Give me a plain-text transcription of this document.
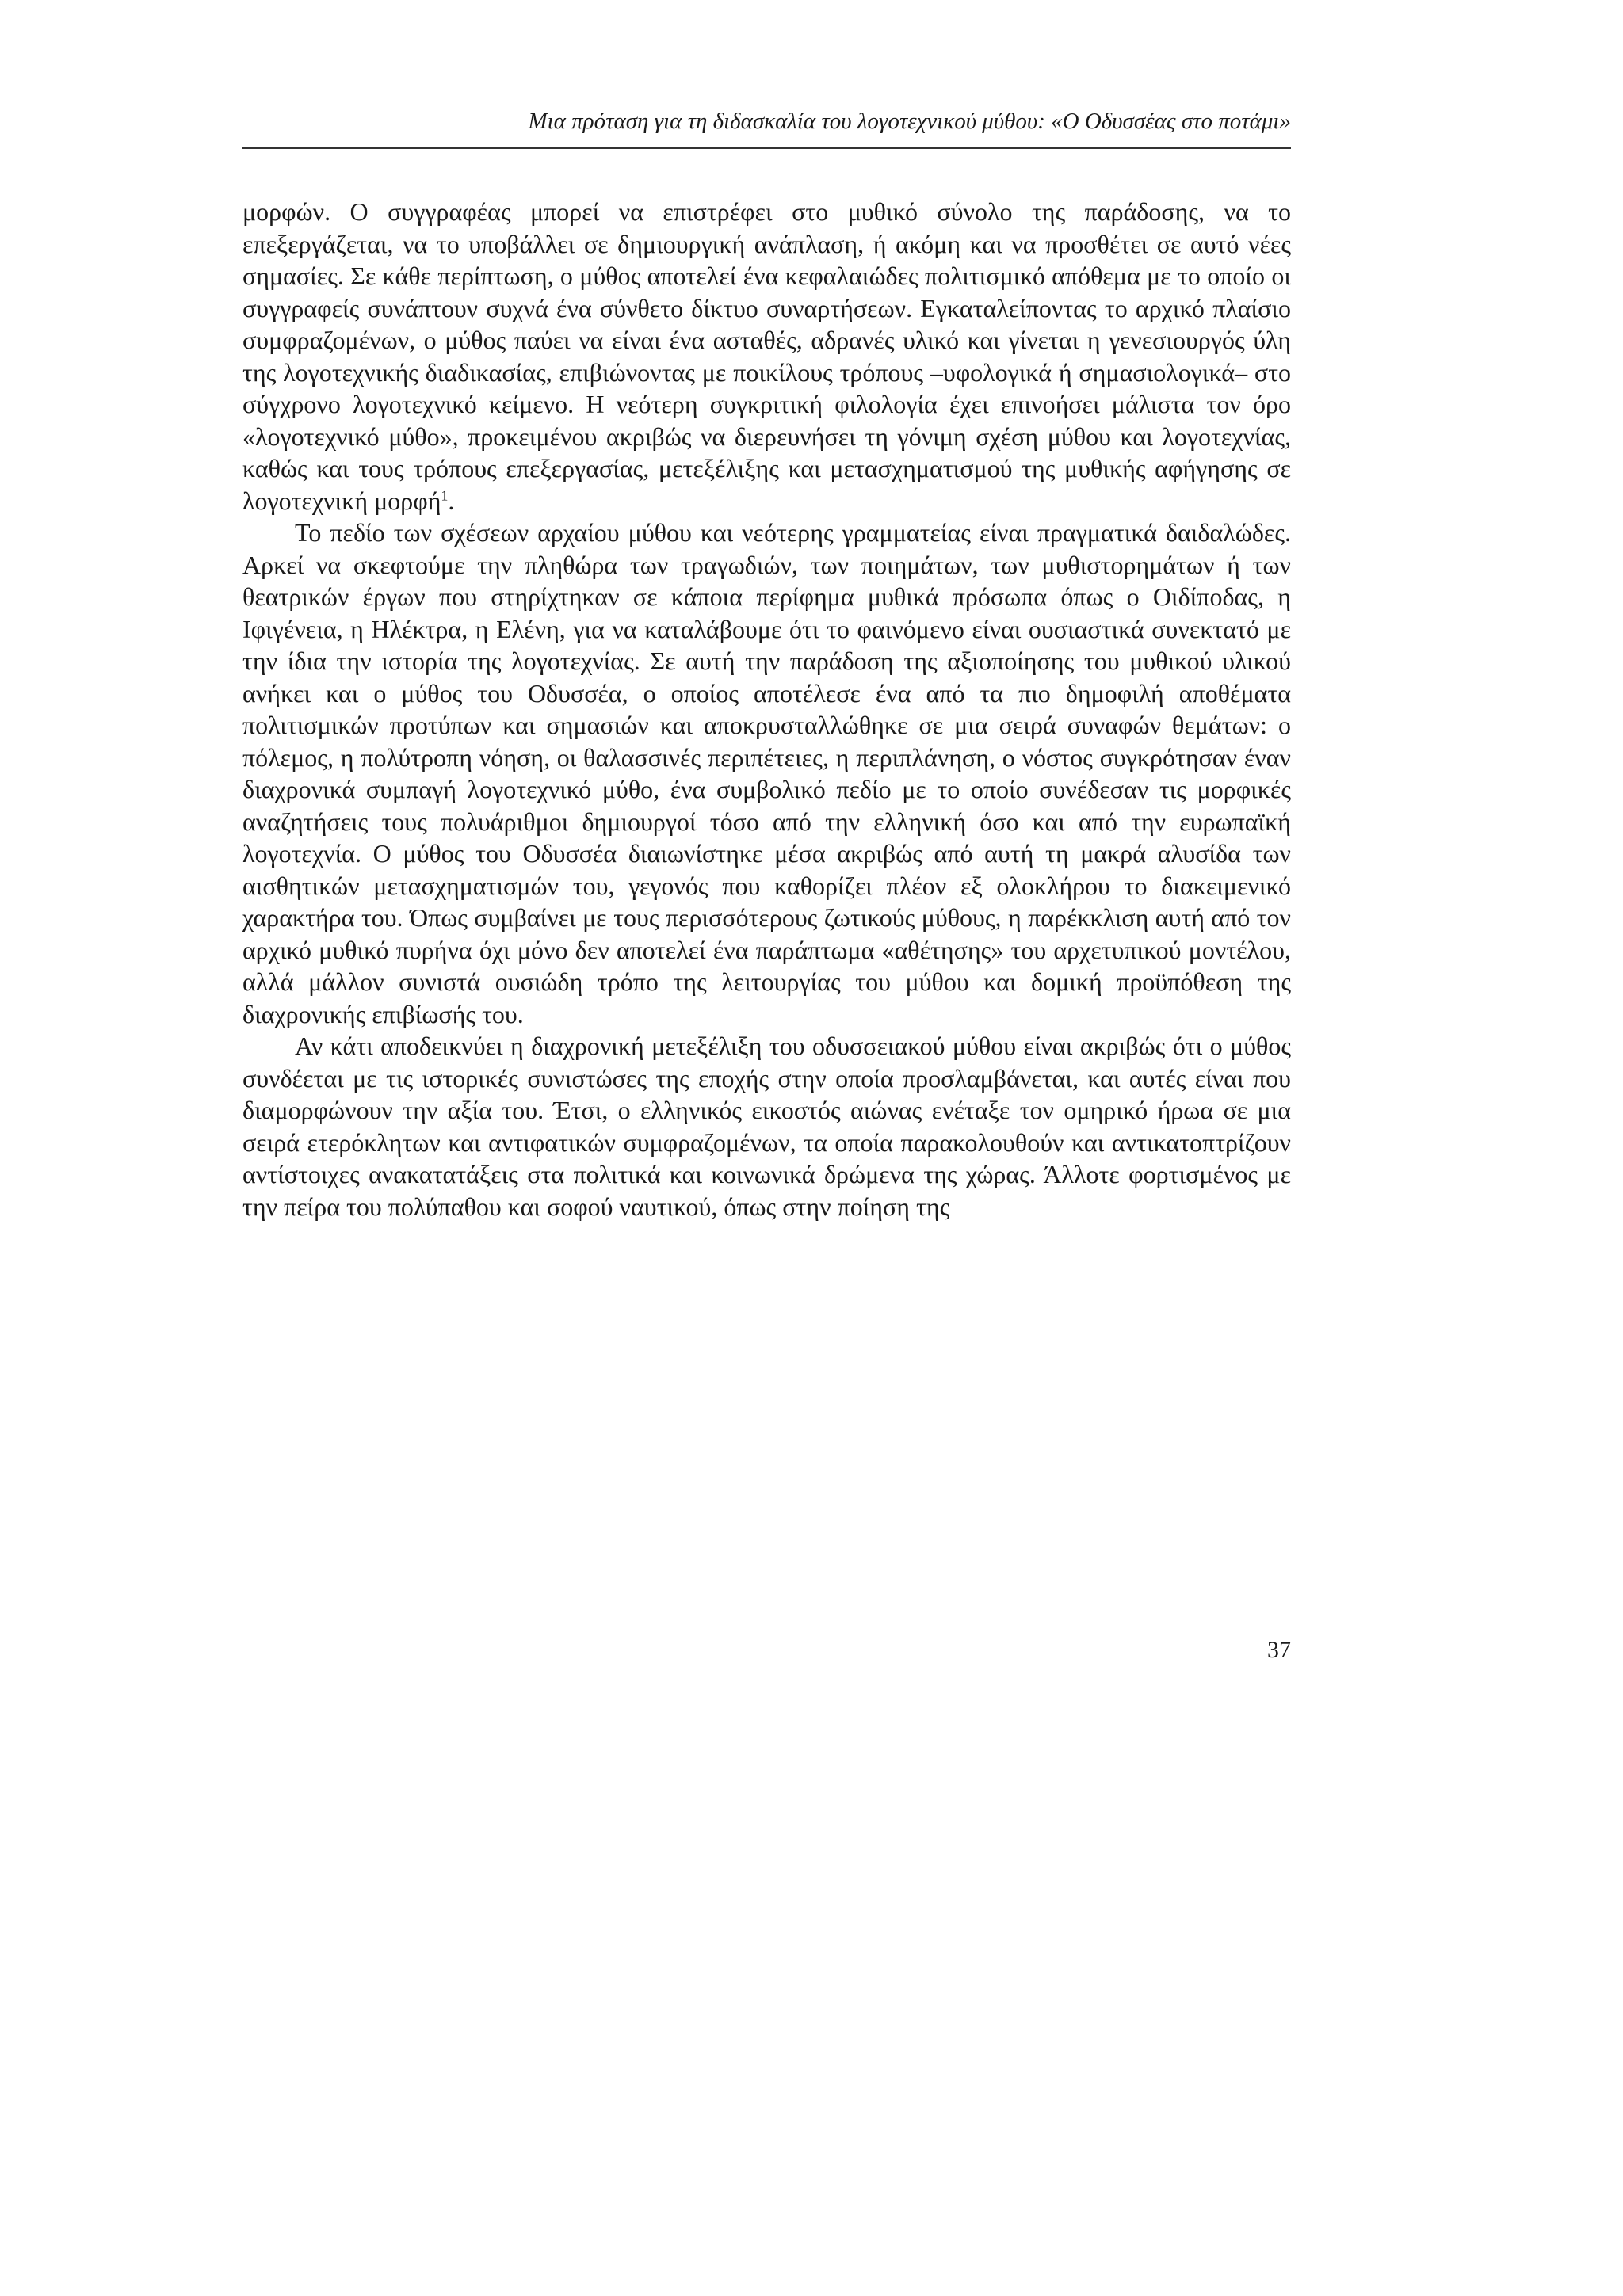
Μια πρόταση για τη διδασκαλία του λογοτεχνικού μύθου: «Ο Οδυσσέας στο ποτάμι»

μορφών. Ο συγγραφέας μπορεί να επιστρέφει στο μυθικό σύνολο της παράδοσης, να το επεξεργάζεται, να το υποβάλλει σε δημιουργική ανάπλαση, ή ακόμη και να προσθέτει σε αυτό νέες σημασίες. Σε κάθε περίπτωση, ο μύθος αποτελεί ένα κεφαλαιώδες πολιτισμικό απόθεμα με το οποίο οι συγγραφείς συνάπτουν συχνά ένα σύνθετο δίκτυο συναρτήσεων. Εγκαταλείποντας το αρχικό πλαίσιο συμφραζομένων, ο μύθος παύει να είναι ένα ασταθές, αδρανές υλικό και γίνεται η γενεσιουργός ύλη της λογοτεχνικής διαδικασίας, επιβιώνοντας με ποικίλους τρόπους –υφολογικά ή σημασιολογικά– στο σύγχρονο λογοτεχνικό κείμενο. Η νεότερη συγκριτική φιλολογία έχει επινοήσει μάλιστα τον όρο «λογοτεχνικό μύθο», προκειμένου ακριβώς να διερευνήσει τη γόνιμη σχέση μύθου και λογοτεχνίας, καθώς και τους τρόπους επεξεργασίας, μετεξέλιξης και μετασχηματισμού της μυθικής αφήγησης σε λογοτεχνική μορφή$^1$.

Το πεδίο των σχέσεων αρχαίου μύθου και νεότερης γραμματείας είναι πραγματικά δαιδαλώδες. Αρκεί να σκεφτούμε την πληθώρα των τραγωδιών, των ποιημάτων, των μυθιστορημάτων ή των θεατρικών έργων που στηρίχτηκαν σε κάποια περίφημα μυθικά πρόσωπα όπως ο Οιδίποδας, η Ιφιγένεια, η Ηλέκτρα, η Ελένη, για να καταλάβουμε ότι το φαινόμενο είναι ουσιαστικά συνεκτατό με την ίδια την ιστορία της λογοτεχνίας. Σε αυτή την παράδοση της αξιοποίησης του μυθικού υλικού ανήκει και ο μύθος του Οδυσσέα, ο οποίος αποτέλεσε ένα από τα πιο δημοφιλή αποθέματα πολιτισμικών προτύπων και σημασιών και αποκρυσταλλώθηκε σε μια σειρά συναφών θεμάτων: ο πόλεμος, η πολύτροπη νόηση, οι θαλασσινές περιπέτειες, η περιπλάνηση, ο νόστος συγκρότησαν έναν διαχρονικά συμπαγή λογοτεχνικό μύθο, ένα συμβολικό πεδίο με το οποίο συνέδεσαν τις μορφικές αναζητήσεις τους πολυάριθμοι δημιουργοί τόσο από την ελληνική όσο και από την ευρωπαϊκή λογοτεχνία. Ο μύθος του Οδυσσέα διαιωνίστηκε μέσα ακριβώς από αυτή τη μακρά αλυσίδα των αισθητικών μετασχηματισμών του, γεγονός που καθορίζει πλέον εξ ολοκλήρου το διακειμενικό χαρακτήρα του. Όπως συμβαίνει με τους περισσότερους ζωτικούς μύθους, η παρέκκλιση αυτή από τον αρχικό μυθικό πυρήνα όχι μόνο δεν αποτελεί ένα παράπτωμα «αθέτησης» του αρχετυπικού μοντέλου, αλλά μάλλον συνιστά ουσιώδη τρόπο της λειτουργίας του μύθου και δομική προϋπόθεση της διαχρονικής επιβίωσής του.

Αν κάτι αποδεικνύει η διαχρονική μετεξέλιξη του οδυσσειακού μύθου είναι ακριβώς ότι ο μύθος συνδέεται με τις ιστορικές συνιστώσες της εποχής στην οποία προσλαμβάνεται, και αυτές είναι που διαμορφώνουν την αξία του. Έτσι, ο ελληνικός εικοστός αιώνας ενέταξε τον ομηρικό ήρωα σε μια σειρά ετερόκλητων και αντιφατικών συμφραζομένων, τα οποία παρακολουθούν και αντικατοπτρίζουν αντίστοιχες ανακατατάξεις στα πολιτικά και κοινωνικά δρώμενα της χώρας. Άλλοτε φορτισμένος με την πείρα του πολύπαθου και σοφού ναυτικού, όπως στην ποίηση της

37
